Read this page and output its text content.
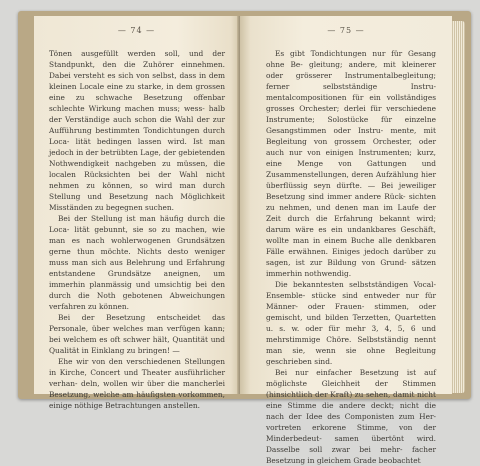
— 74 —

Tönen ausgefüllt werden soll, und der Standpunkt, den die Zuhörer einnehmen. Dabei versteht es sich von selbst, dass in dem kleinen Locale eine zu starke, in dem grossen eine zu schwache Besetzung offenbar schlechte Wirkung machen muss; wess- halb der Verständige auch schon die Wahl der zur Aufführung bestimmten Tondichtungen durch Loca- lität bedingen lassen wird. Ist man jedoch in der betrübten Lage, der gebietenden Nothwendigkeit nachgeben zu müssen, die localen Rücksichten bei der Wahl nicht nehmen zu können, so wird man durch Stellung und Besetzung nach Möglichkeit Misständen zu begegnen suchen.

Bei der Stellung ist man häufig durch die Loca- lität gebunnt, sie so zu machen, wie man es nach wohlerwogenen Grundsätzen gerne thun möchte. Nichts desto weniger muss man sich aus Belehrung und Erfahrung entstandene Grundsätze aneignen, um immerhin planmässig und umsichtig bei den durch die Noth gebotenen Abweichungen verfahren zu können.

Bei der Besetzung entscheidet das Personale, über welches man verfügen kann; bei welchem es oft schwer hält, Quantität und Qualität in Einklang zu bringen! —

Ehe wir von den verschiedenen Stellungen in Kirche, Concert und Theater ausführlicher verhan- deln, wollen wir über die mancherlei Besetzung, welche am häufigsten vorkommen, einige nöthige Betrachtungen anstellen.

— 75 —

Es gibt Tondichtungen nur für Gesang ohne Be- gleitung; andere, mit kleinerer oder grösserer Instrumentalbegleitung; ferner selbstständige Instru- mentalcompositionen für ein vollständiges grosses Orchester; derlei für verschiedene Instrumente; Solostücke für einzelne Gesangstimmen oder Instru- mente, mit Begleitung von grossem Orchester, oder auch nur von einigen Instrumenten; kurz, eine Menge von Gattungen und Zusammenstellungen, deren Aufzählung hier überflüssig seyn dürfte. — Bei jeweiliger Besetzung sind immer andere Rück- sichten zu nehmen, und denen man im Laufe der Zeit durch die Erfahrung bekannt wird; darum wäre es ein undankbares Geschäft, wollte man in einem Buche alle denkbaren Fälle erwähnen. Einiges jedoch darüber zu sagen, ist zur Bildung von Grund- sätzen immerhin nothwendig.

Die bekanntesten selbstständigen Vocal-Ensemble- stücke sind entweder nur für Männer- oder Frauen- stimmen, oder gemischt, und bilden Terzetten, Quartetten u. s. w. oder für mehr 3, 4, 5, 6 und mehrstimmige Chöre. Selbstständig nennt man sie, wenn sie ohne Begleitung geschrieben sind.

Bei nur einfacher Besetzung ist auf möglichste Gleichheit der Stimmen (hinsichtlich der Kraft) zu sehen, damit nicht eine Stimme die andere deckt; nicht die nach der Idee des Componisten zum Her- vortreten erkorene Stimme, von der Minderbedeut- samen übertönt wird. Dasselbe soll zwar bei mehr- facher Besetzung in gleichem Grade beobachtet
